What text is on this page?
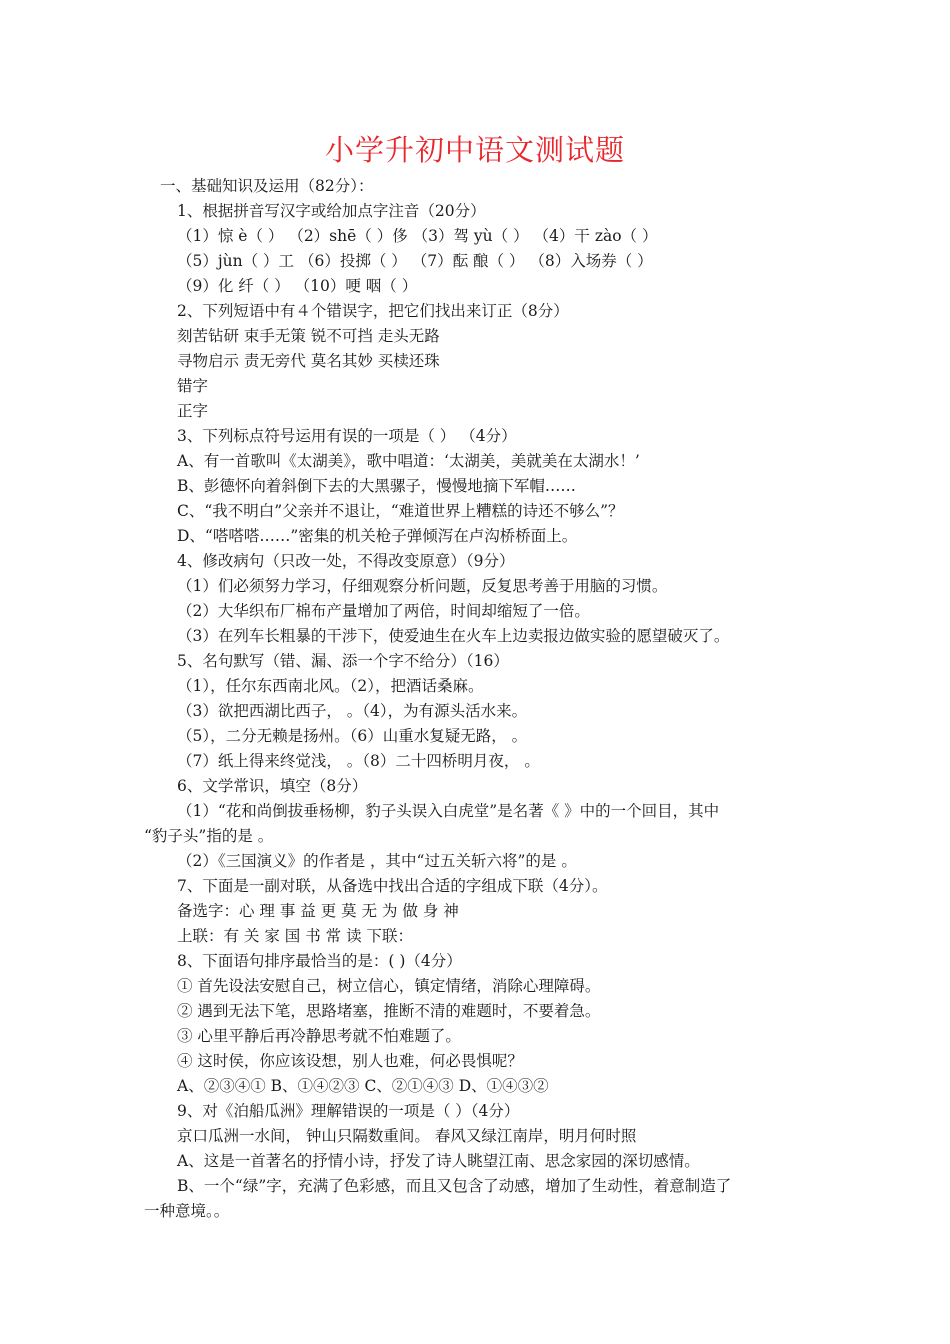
小学升初中语文测试题
一、基础知识及运用（82分）：
1、根据拼音写汉字或给加点字注音（20分）
（1）惊 è（ ） （2）shē（ ）侈 （3）驾 yù（ ） （4）干 zào（ ）
（5）jùn（ ）工 （6）投掷（ ） （7）酝 酿（ ） （8）入场券（ ）
（9）化 纤（ ） （10）哽 咽（ ）
2、下列短语中有４个错误字，把它们找出来订正（8分）
刻苦钻研 束手无策 锐不可挡 走头无路
寻物启示 责无旁代 莫名其妙 买椟还珠
错字
正字
3、下列标点符号运用有误的一项是（ ） （4分）
A、有一首歌叫《太湖美》，歌中唱道：‘太湖美，美就美在太湖水！’
B、彭德怀向着斜倒下去的大黑骡子，慢慢地摘下军帽……
C、“我不明白”父亲并不退让，“难道世界上糟糕的诗还不够么”？
D、“嗒嗒嗒……”密集的机关枪子弹倾泻在卢沟桥桥面上。
4、修改病句（只改一处，不得改变原意）（9分）
（1）们必须努力学习，仔细观察分析问题，反复思考善于用脑的习惯。
（2）大华织布厂棉布产量增加了两倍，时间却缩短了一倍。
（3）在列车长粗暴的干涉下，使爱迪生在火车上边卖报边做实验的愿望破灭了。
5、名句默写（错、漏、添一个字不给分）（16）
（1），任尔东西南北风。（2），把酒话桑麻。
（3）欲把西湖比西子， 。（4），为有源头活水来。
（5），二分无赖是扬州。（6）山重水复疑无路， 。
（7）纸上得来终觉浅， 。（8）二十四桥明月夜， 。
6、文学常识，填空（8分）
（1）“花和尚倒拔垂杨柳，豹子头误入白虎堂”是名著《 》中的一个回目，其中
“豹子头”指的是 。
（2）《三国演义》的作者是 ，其中“过五关斩六将”的是 。
7、下面是一副对联，从备选中找出合适的字组成下联（4分）。
备选字：心 理 事 益 更 莫 无 为 做 身 神
上联：有 关 家 国 书 常 读 下联：
8、下面语句排序最恰当的是：( )（4分）
① 首先设法安慰自己，树立信心，镇定情绪，消除心理障碍。
② 遇到无法下笔，思路堵塞，推断不清的难题时，不要着急。
③ 心里平静后再冷静思考就不怕难题了。
④ 这时侯，你应该设想，别人也难，何必畏惧呢？
A、②③④① B、①④②③ C、②①④③ D、①④③②
9、对《泊船瓜洲》理解错误的一项是（ ）（4分）
京口瓜洲一水间， 钟山只隔数重间。 春风又绿江南岸，明月何时照
A、这是一首著名的抒情小诗，抒发了诗人眺望江南、思念家园的深切感情。
B、一个“绿”字，充满了色彩感，而且又包含了动感，增加了生动性，着意制造了
一种意境。。
